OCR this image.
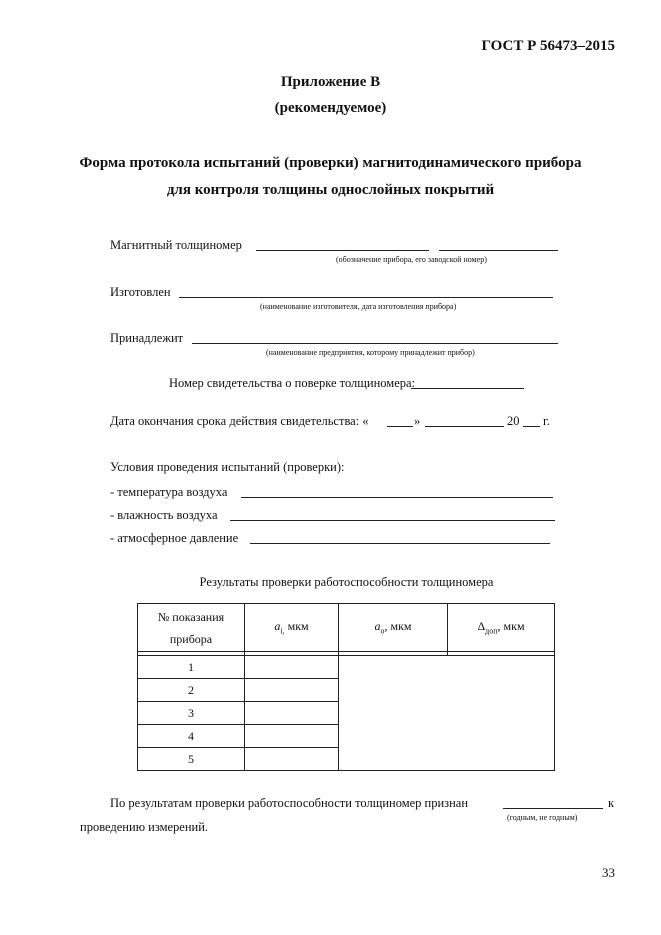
ГОСТ Р 56473–2015
Приложение В
(рекомендуемое)
Форма протокола испытаний (проверки) магнитодинамического прибора
для контроля толщины однослойных покрытий
Магнитный толщиномер
(обозначение прибора, его заводской номер)
Изготовлен
(наименование изготовителя, дата изготовления прибора)
Принадлежит
(наименование предприятия, которому принадлежит прибор)
Номер свидетельства о поверке толщиномера:
Дата окончания срока действия свидетельства: «	»	20 г.
Условия проведения испытаний (проверки):
- температура воздуха
- влажность воздуха
- атмосферное давление
Результаты проверки работоспособности толщиномера
№ показания
прибора	$a_{i,}$ мкм	$a_o$, мкм	$\Delta_{доп}$, мкм

1			
2			
3			
4			
5			
По результатам проверки работоспособности толщиномер признан	к
(годным, не годным)
проведению измерений.
33
